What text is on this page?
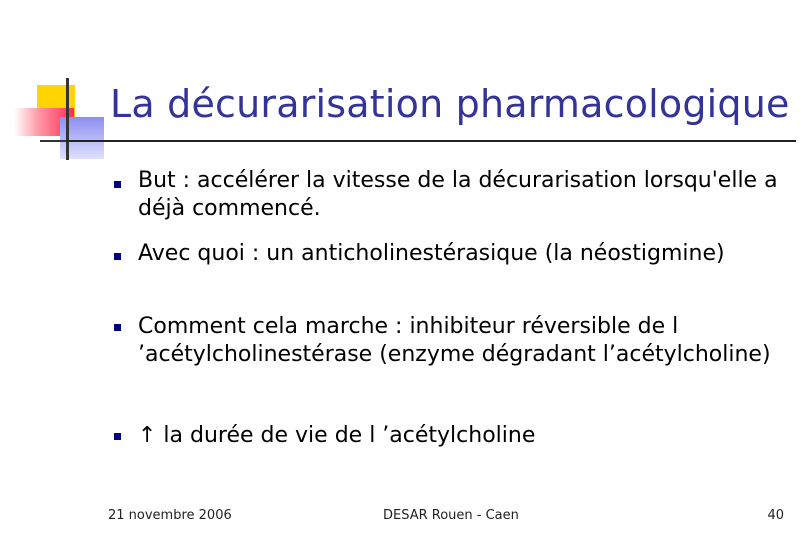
La décurarisation pharmacologique
But : accélérer la vitesse de la décurarisation lorsqu'elle a déjà commencé.
Avec quoi : un anticholinestérasique (la néostigmine)
Comment cela marche : inhibiteur réversible de l ’acétylcholinestérase (enzyme dégradant l’acétylcholine)
↑ la durée de vie de l ’acétylcholine
21 novembre 2006	DESAR Rouen - Caen	40
